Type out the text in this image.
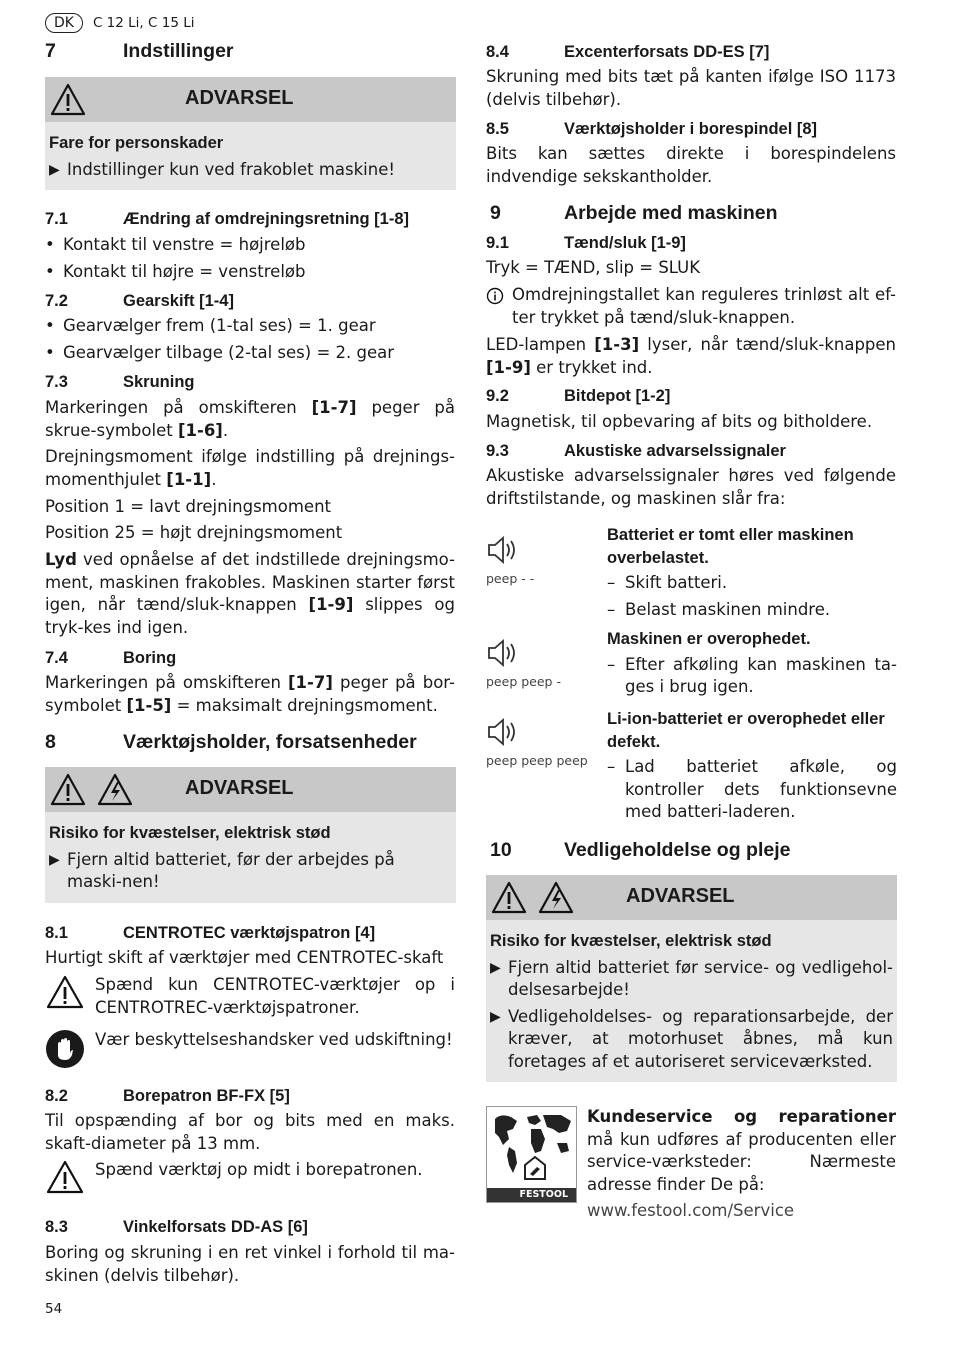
DK C 12 Li, C 15 Li
7	Indstillinger
ADVARSEL
Fare for personskader
▶ Indstillinger kun ved frakoblet maskine!
7.1	Ændring af omdrejningsretning [1-8]
• Kontakt til venstre = højreløb
• Kontakt til højre = venstreløb
7.2	Gearskift [1-4]
• Gearvælger frem (1-tal ses) = 1. gear
• Gearvælger tilbage (2-tal ses) = 2. gear
7.3	Skruning

Markeringen på omskifteren [1-7] peger på skrue-symbolet [1-6].

Drejningsmoment ifølge indstilling på drejnings-momenthjulet [1-1].

Position 1 = lavt drejningsmoment

Position 25 = højt drejningsmoment

Lyd ved opnåelse af det indstillede drejningsmo-ment, maskinen frakobles. Maskinen starter først igen, når tænd/sluk-knappen [1-9] slippes og tryk-kes ind igen.

7.4	Boring

Markeringen på omskifteren [1-7] peger på bor-symbolet [1-5] = maksimalt drejningsmoment.

8	Værktøjsholder, forsatsenheder
ADVARSEL
Risiko for kvæstelser, elektrisk stød
▶ Fjern altid batteriet, før der arbejdes på maski-nen!
8.1	CENTROTEC værktøjspatron [4]

Hurtigt skift af værktøjer med CENTROTEC-skaft

Spænd kun CENTROTEC-værktøjer op i CENTROTREC-værktøjspatroner.
Vær beskyttelseshandsker ved udskiftning!
8.2	Borepatron BF-FX [5]

Til opspænding af bor og bits med en maks. skaft-diameter på 13 mm.

Spænd værktøj op midt i borepatronen.
8.3	Vinkelforsats DD-AS [6]

Boring og skruning i en ret vinkel i forhold til ma-skinen (delvis tilbehør).

8.4	Excenterforsats DD-ES [7]

Skruning med bits tæt på kanten ifølge ISO 1173 (delvis tilbehør).

8.5	Værktøjsholder i borespindel [8]

Bits kan sættes direkte i borespindelens indvendige sekskantholder.

9	Arbejde med maskinen
9.1	Tænd/sluk [1-9]

Tryk = TÆND, slip = SLUK

Omdrejningstallet kan reguleres trinløst alt ef-ter trykket på tænd/sluk-knappen.

LED-lampen [1-3] lyser, når tænd/sluk-knappen [1-9] er trykket ind.

9.2	Bitdepot [1-2]

Magnetisk, til opbevaring af bits og bitholdere.

9.3	Akustiske advarselssignaler

Akustiske advarselssignaler høres ved følgende driftstilstande, og maskinen slår fra:

peep - -
Batteriet er tomt eller maskinen overbelastet.
– Skift batteri.
– Belast maskinen mindre.
peep peep -
Maskinen er overophedet.
– Efter afkøling kan maskinen ta-ges i brug igen.
peep peep peep
Li-ion-batteriet er overophedet eller defekt.
– Lad batteriet afkøle, og kontroller dets funktionsevne med batteri-laderen.
10	Vedligeholdelse og pleje
ADVARSEL
Risiko for kvæstelser, elektrisk stød
▶ Fjern altid batteriet før service- og vedligehol-delsesarbejde!
▶ Vedligeholdelses- og reparationsarbejde, der kræver, at motorhuset åbnes, må kun foretages af et autoriseret serviceværksted.
FESTOOL

Kundeservice og reparationer må kun udføres af producenten eller service-værksteder: Nærmeste adresse finder De på:

www.festool.com/Service

54
